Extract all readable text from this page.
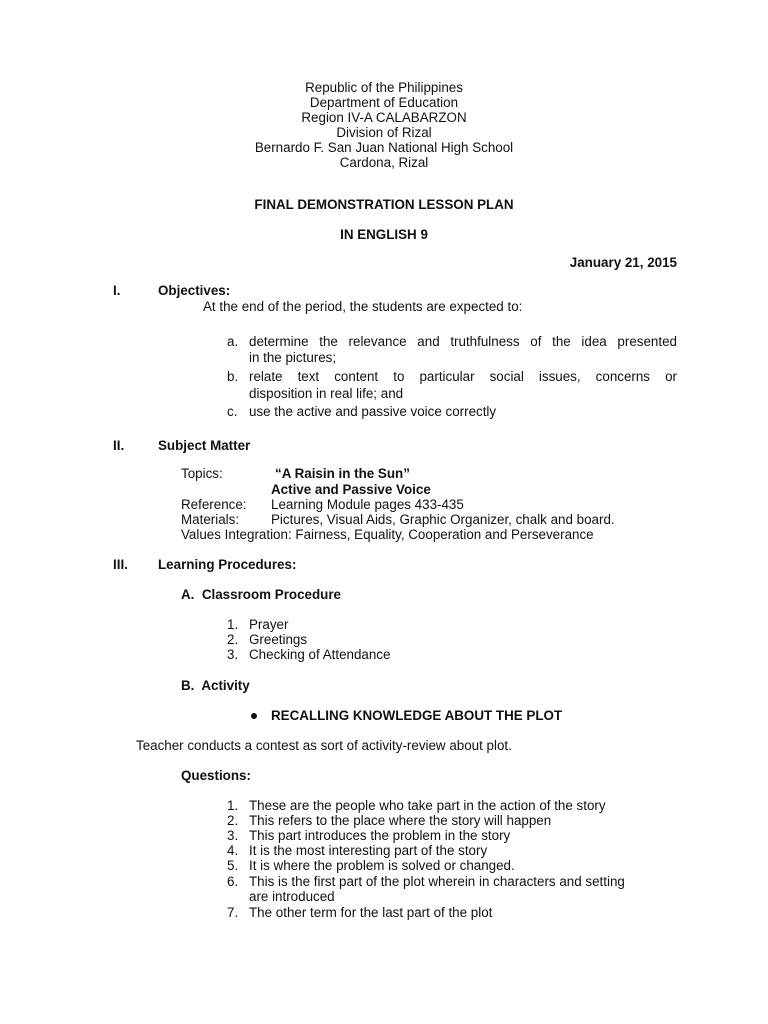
Republic of the Philippines
Department of Education
Region IV-A CALABARZON
Division of Rizal
Bernardo F. San Juan National High School
Cardona, Rizal
FINAL DEMONSTRATION LESSON PLAN
IN ENGLISH 9
January 21, 2015
I.	Objectives:
At the end of the period, the students are expected to:
a. determine the relevance and truthfulness of the idea presented
in the pictures;
b. relate text content to particular social issues, concerns or
disposition in real life; and
c. use the active and passive voice correctly
II.	Subject Matter
Topics:	“A Raisin in the Sun”
Active and Passive Voice
Reference: Learning Module pages 433-435
Materials: Pictures, Visual Aids, Graphic Organizer, chalk and board.
Values Integration: Fairness, Equality, Cooperation and Perseverance
III. Learning Procedures:
A.  Classroom Procedure
1. Prayer
2. Greetings
3. Checking of Attendance
B.  Activity
RECALLING KNOWLEDGE ABOUT THE PLOT
Teacher conducts a contest as sort of activity-review about plot.
Questions:
1. These are the people who take part in the action of the story
2. This refers to the place where the story will happen
3. This part introduces the problem in the story
4. It is the most interesting part of the story
5. It is where the problem is solved or changed.
6. This is the first part of the plot wherein in characters and setting
are introduced
7. The other term for the last part of the plot
